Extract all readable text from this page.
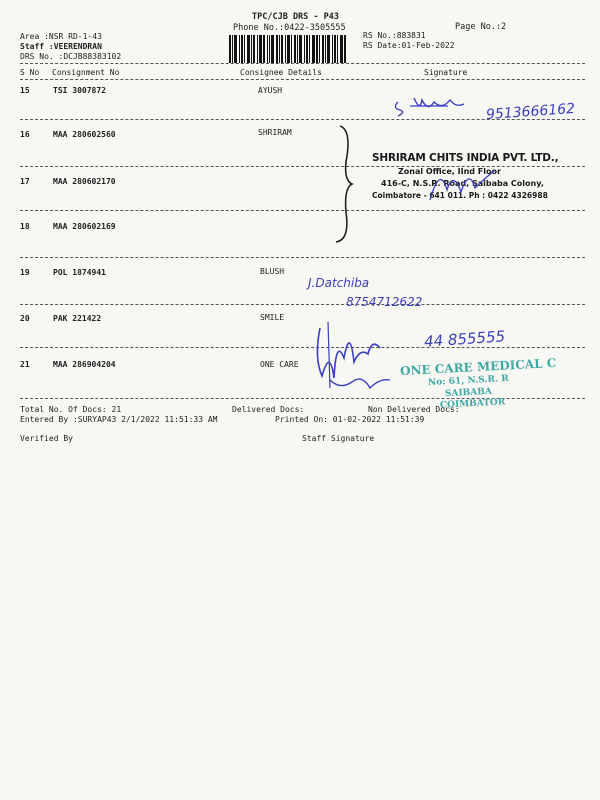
TPC/CJB DRS - P43
Phone No.:0422-3505555	Page No.:2
Area :NSR RD-1-43
Staff :VEERENDRAN
DRS No. :DCJB88383102
RS No.:883831
RS Date:01-Feb-2022
S No Consignment No	Consignee Details	Signature
15	TSI 3007872	AYUSH
16	MAA 280602560	SHRIRAM
17	MAA 280602170
18	MAA 280602169
19	POL 1874941	BLUSH
20	PAK 221422	SMILE
21	MAA 286904204	ONE CARE
Total No. Of Docs: 21	Delivered Docs:	Non Delivered Docs:
Entered By :SURYAP43 2/1/2022 11:51:33 AM	Printed On: 01-02-2022 11:51:39
Verified By	Staff Signature
SHRIRAM CHITS INDIA PVT. LTD.,
Zonal Office, IInd Floor
416-C, N.S.R. Road, Saibaba Colony,
Coimbatore - 641 011. Ph : 0422 4326988
ONE CARE MEDICAL C
No: 61, N.S.R. R
SAIBABA
COIMBATOR
9513666162
J.Datchiba
8754712622
44 855555
